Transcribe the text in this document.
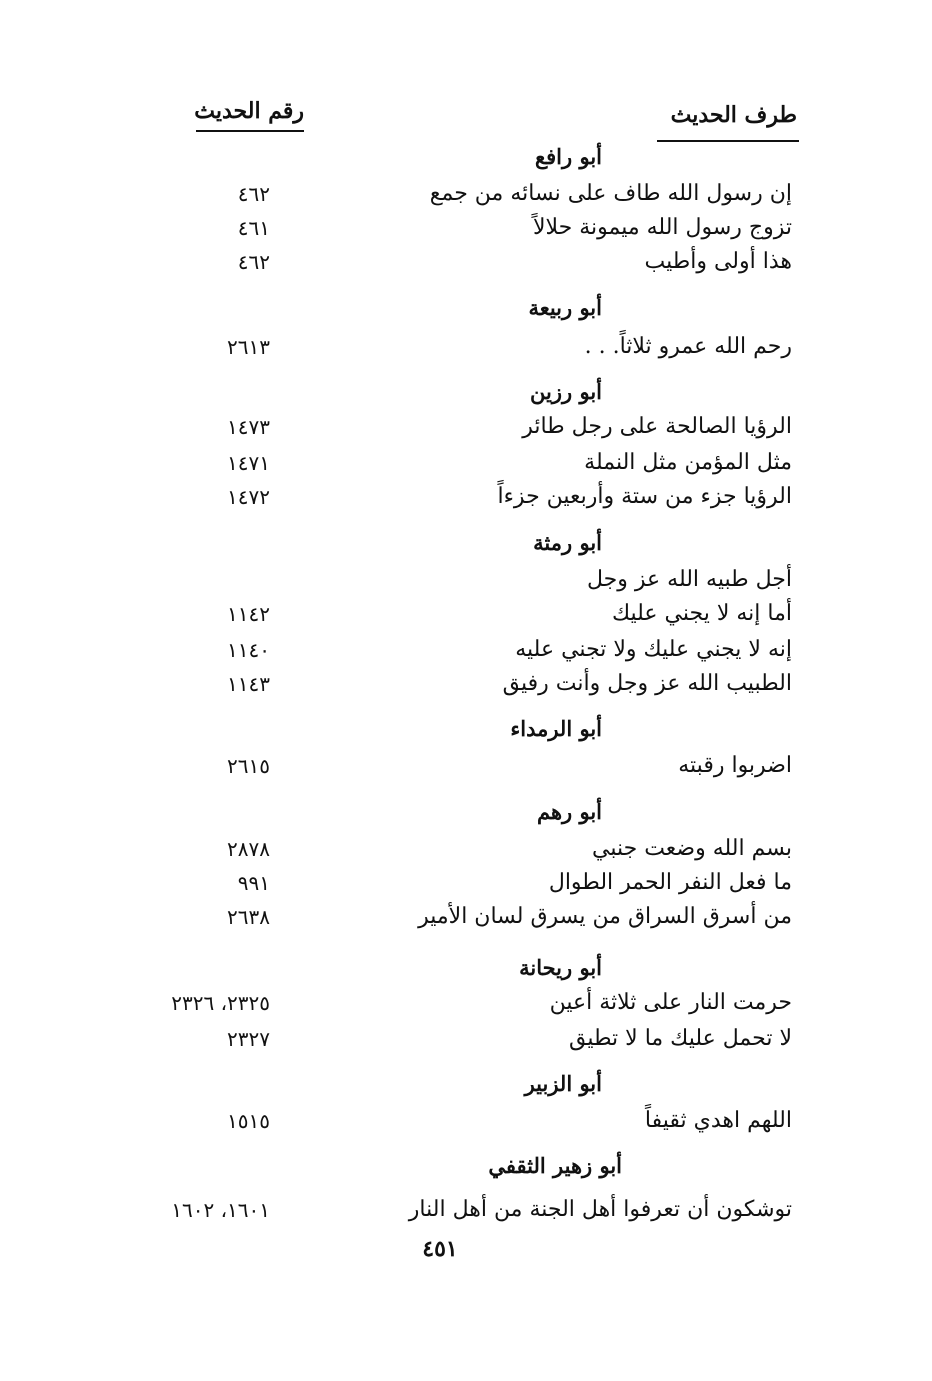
طرف الحديث
رقم الحديث
أبو رافع
إن رسول الله طاف على نسائه من جمع
٤٦٢
تزوج رسول الله ميمونة حلالاً
٤٦١
هذا أولى وأطيب
٤٦٢
أبو ربيعة
رحم الله عمرو ثلاثاً. . .
٢٦١٣
أبو رزين
الرؤيا الصالحة على رجل طائر
١٤٧٣
مثل المؤمن مثل النملة
١٤٧١
الرؤيا جزء من ستة وأربعين جزءاً
١٤٧٢
أبو رمثة
أجل طبيه الله عز وجل
أما إنه لا يجني عليك
١١٤٢
إنه لا يجني عليك ولا تجني عليه
١١٤٠
الطبيب الله عز وجل وأنت رفيق
١١٤٣
أبو الرمداء
اضربوا رقبته
٢٦١٥
أبو رهم
بسم الله وضعت جنبي
٢٨٧٨
ما فعل النفر الحمر الطوال
٩٩١
من أسرق السراق من يسرق لسان الأمير
٢٦٣٨
أبو ريحانة
حرمت النار على ثلاثة أعين
٢٣٢٥، ٢٣٢٦
لا تحمل عليك ما لا تطيق
٢٣٢٧
أبو الزبير
اللهم اهدي ثقيفاً
١٥١٥
أبو زهير الثقفي
توشكون أن تعرفوا أهل الجنة من أهل النار
١٦٠١، ١٦٠٢
٤٥١
